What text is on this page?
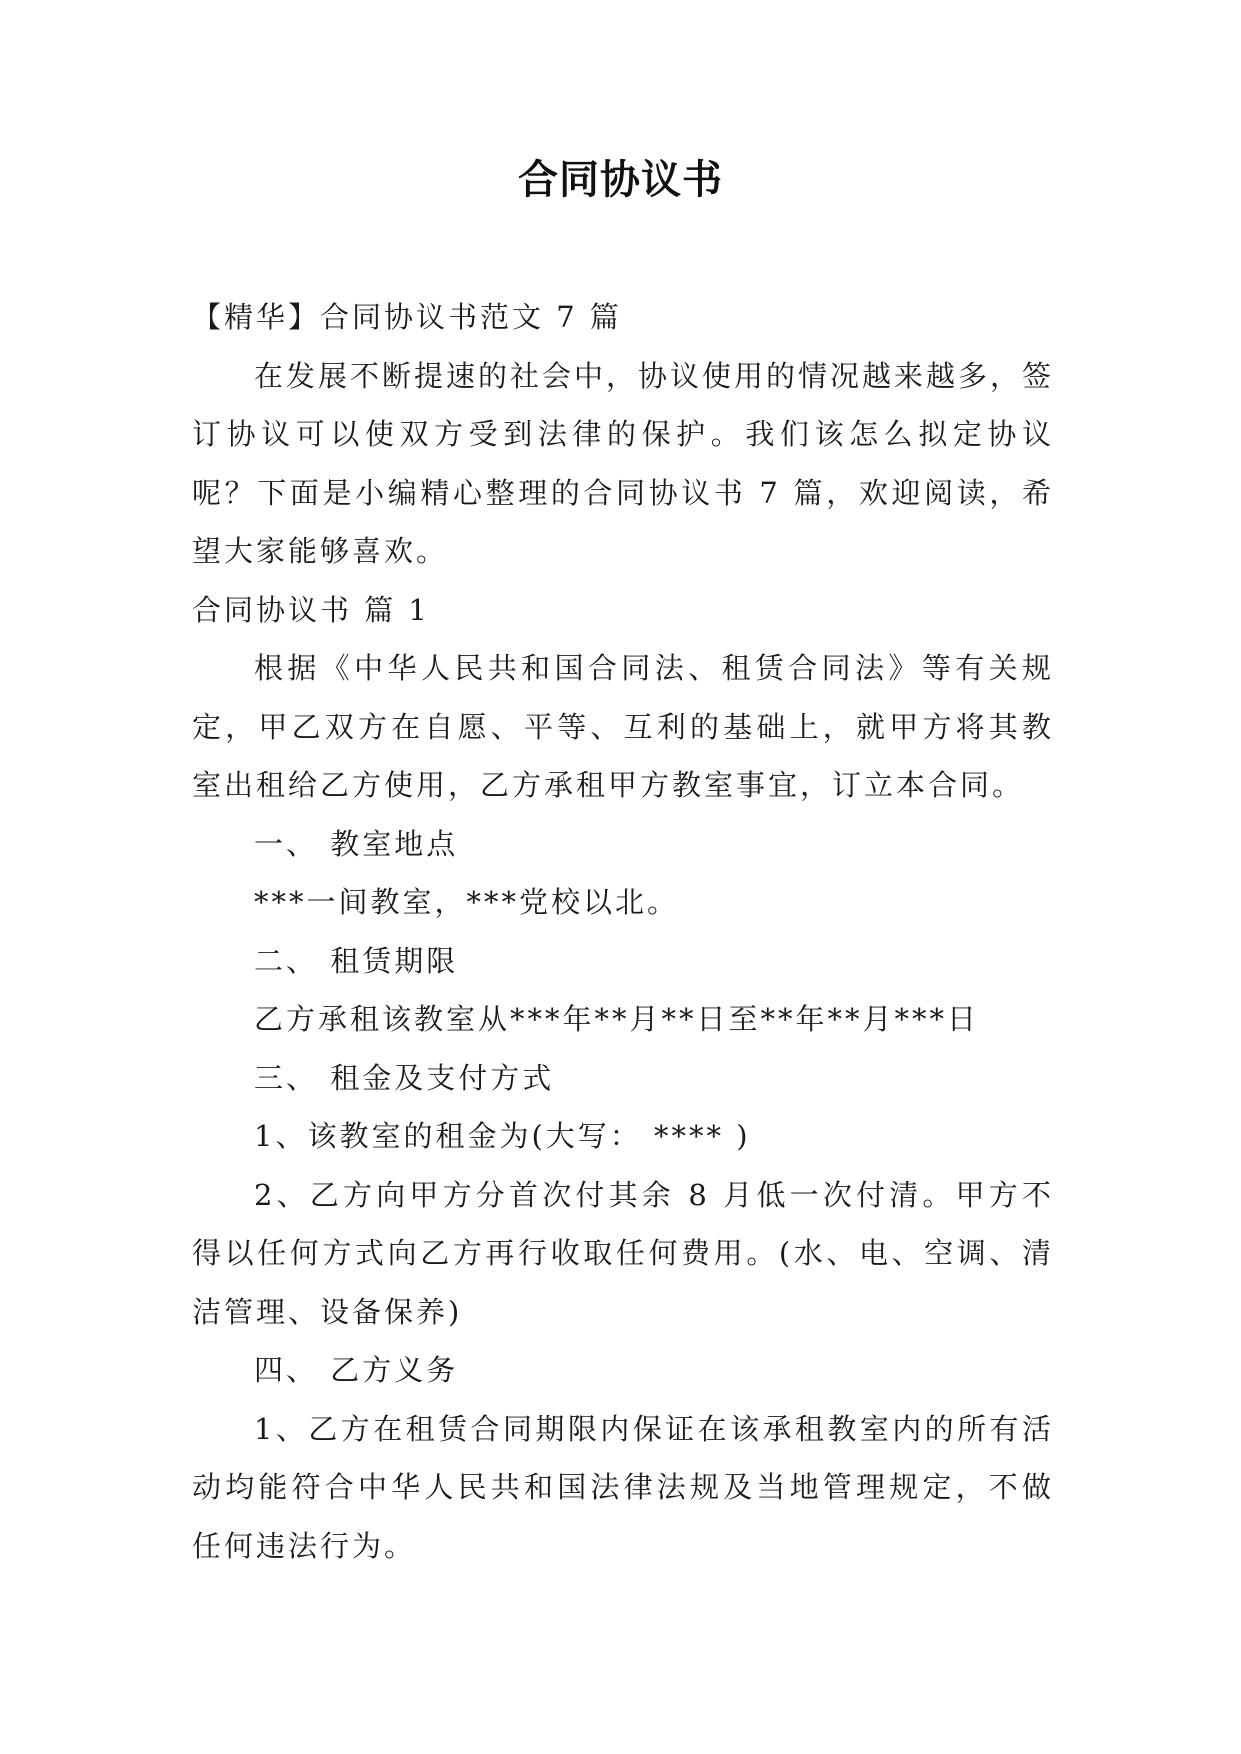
合同协议书

【精华】合同协议书范文 7 篇

在发展不断提速的社会中，协议使用的情况越来越多，签订协议可以使双方受到法律的保护。我们该怎么拟定协议呢？下面是小编精心整理的合同协议书 7 篇，欢迎阅读，希望大家能够喜欢。

合同协议书 篇 1

根据《中华人民共和国合同法、租赁合同法》等有关规定，甲乙双方在自愿、平等、互利的基础上，就甲方将其教室出租给乙方使用，乙方承租甲方教室事宜，订立本合同。

一、 教室地点

***一间教室，***党校以北。

二、 租赁期限

乙方承租该教室从***年**月**日至**年**月***日

三、 租金及支付方式

1、该教室的租金为(大写： **** )

2、乙方向甲方分首次付其余 8 月低一次付清。甲方不得以任何方式向乙方再行收取任何费用。(水、电、空调、清洁管理、设备保养)

四、 乙方义务

1、乙方在租赁合同期限内保证在该承租教室内的所有活动均能符合中华人民共和国法律法规及当地管理规定，不做任何违法行为。
